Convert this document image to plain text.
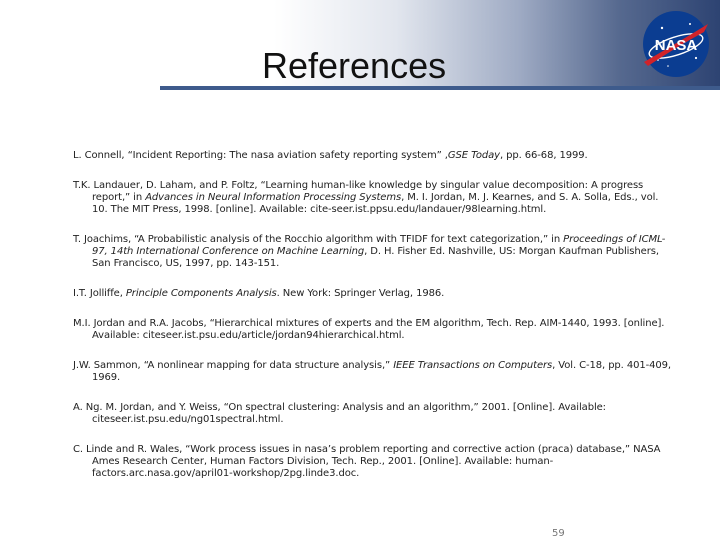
References	NASA

L. Connell, “Incident Reporting: The nasa aviation safety reporting system” ,GSE Today, pp. 66-68, 1999.

T.K. Landauer, D. Laham, and P. Foltz, “Learning human-like knowledge by singular value decomposition: A progress report,” in Advances in Neural Information Processing Systems, M. I. Jordan, M. J. Kearnes, and S. A. Solla, Eds., vol. 10. The MIT Press, 1998. [online]. Available: cite-seer.ist.ppsu.edu/landauer/98learning.html.

T. Joachims, “A Probabilistic analysis of the Rocchio algorithm with TFIDF for text categorization,” in Proceedings of ICML-97, 14th International Conference on Machine Learning, D. H. Fisher Ed. Nashville, US: Morgan Kaufman Publishers, San Francisco, US, 1997, pp. 143-151.

I.T. Jolliffe, Principle Components Analysis. New York: Springer Verlag, 1986.

M.I. Jordan and R.A. Jacobs, “Hierarchical mixtures of experts and the EM algorithm, Tech. Rep. AIM-1440, 1993. [online]. Available: citeseer.ist.psu.edu/article/jordan94hierarchical.html.

J.W. Sammon, “A nonlinear mapping for data structure analysis,” IEEE Transactions on Computers, Vol. C-18, pp. 401-409, 1969.

A. Ng. M. Jordan, and Y. Weiss, “On spectral clustering: Analysis and an algorithm,” 2001. [Online]. Available: citeseer.ist.psu.edu/ng01spectral.html.

C. Linde and R. Wales, “Work process issues in nasa’s problem reporting and corrective action (praca) database,” NASA Ames Research Center, Human Factors Division, Tech. Rep., 2001. [Online]. Available: human-factors.arc.nasa.gov/april01-workshop/2pg.linde3.doc.

59
